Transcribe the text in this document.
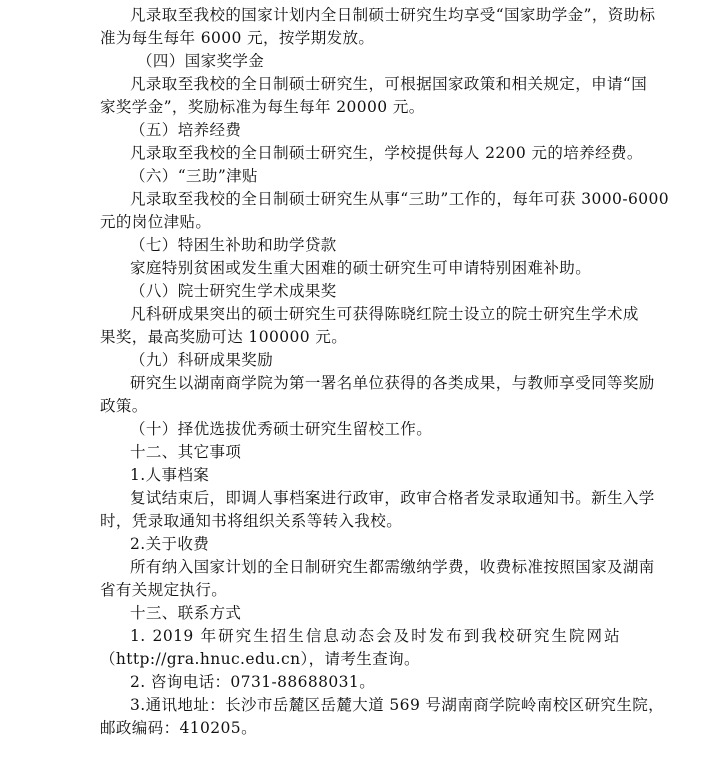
凡录取至我校的国家计划内全日制硕士研究生均享受“国家助学金”，资助标

准为每生每年 6000 元，按学期发放。

（四）国家奖学金

凡录取至我校的全日制硕士研究生，可根据国家政策和相关规定，申请“国

家奖学金”，奖励标准为每生每年 20000 元。

（五）培养经费

凡录取至我校的全日制硕士研究生，学校提供每人 2200 元的培养经费。

（六）“三助”津贴

凡录取至我校的全日制硕士研究生从事“三助”工作的，每年可获 3000-6000

元的岗位津贴。

（七）特困生补助和助学贷款

家庭特别贫困或发生重大困难的硕士研究生可申请特别困难补助。

（八）院士研究生学术成果奖

凡科研成果突出的硕士研究生可获得陈晓红院士设立的院士研究生学术成

果奖，最高奖励可达 100000 元。

（九）科研成果奖励

研究生以湖南商学院为第一署名单位获得的各类成果，与教师享受同等奖励

政策。

（十）择优选拔优秀硕士研究生留校工作。

十二、其它事项

1.人事档案

复试结束后，即调人事档案进行政审，政审合格者发录取通知书。新生入学

时，凭录取通知书将组织关系等转入我校。

2.关于收费

所有纳入国家计划的全日制研究生都需缴纳学费，收费标准按照国家及湖南

省有关规定执行。

十三、联系方式

1. 2019 年研究生招生信息动态会及时发布到我校研究生院网站

（http://gra.hnuc.edu.cn），请考生查询。

2. 咨询电话：0731-88688031。

3.通讯地址：长沙市岳麓区岳麓大道 569 号湖南商学院岭南校区研究生院，

邮政编码：410205。
